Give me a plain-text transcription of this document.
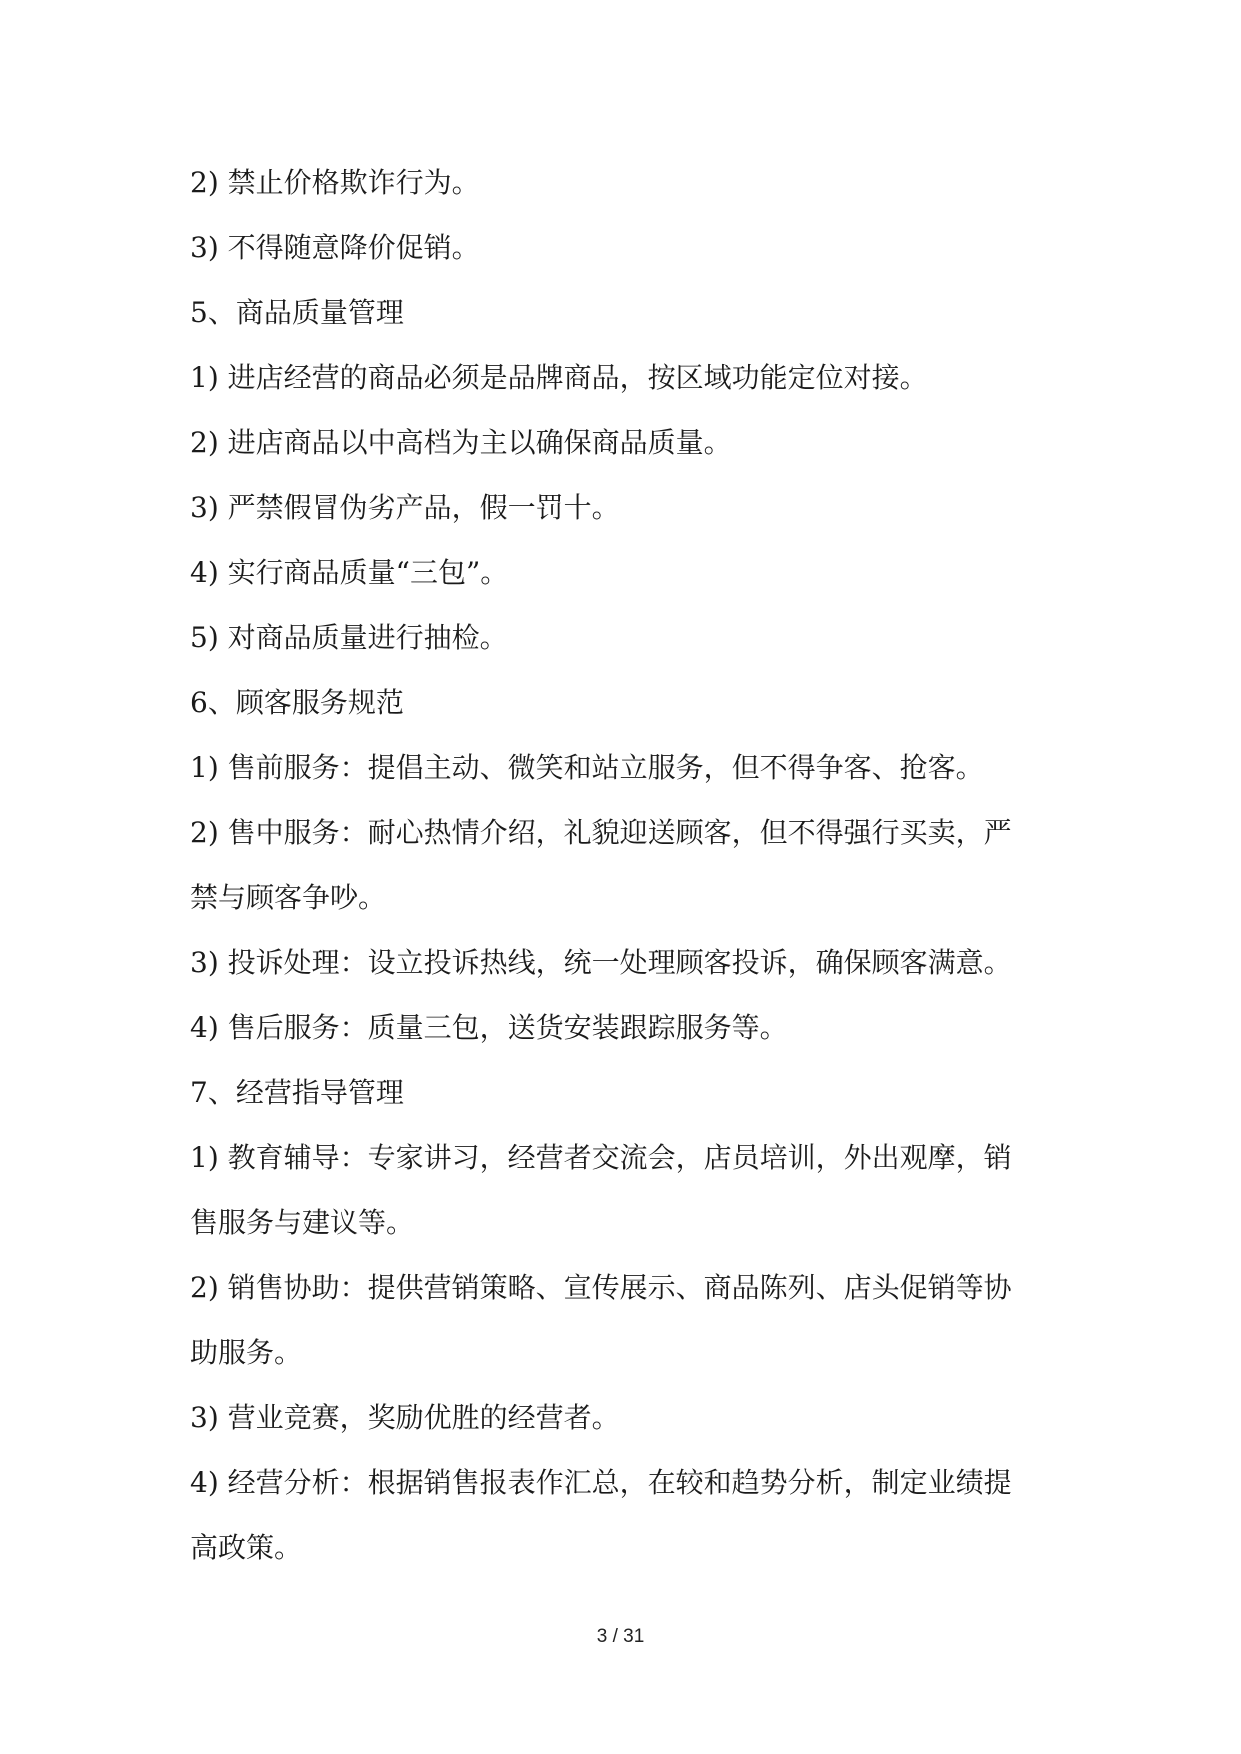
2) 禁止价格欺诈行为。

3) 不得随意降价促销。

5、商品质量管理

1) 进店经营的商品必须是品牌商品，按区域功能定位对接。

2) 进店商品以中高档为主以确保商品质量。

3) 严禁假冒伪劣产品，假一罚十。

4) 实行商品质量“三包”。

5) 对商品质量进行抽检。

6、顾客服务规范

1) 售前服务：提倡主动、微笑和站立服务，但不得争客、抢客。

2) 售中服务：耐心热情介绍，礼貌迎送顾客，但不得强行买卖，严

禁与顾客争吵。

3) 投诉处理：设立投诉热线，统一处理顾客投诉，确保顾客满意。

4) 售后服务：质量三包，送货安装跟踪服务等。

7、经营指导管理

1) 教育辅导：专家讲习，经营者交流会，店员培训，外出观摩，销

售服务与建议等。

2) 销售协助：提供营销策略、宣传展示、商品陈列、店头促销等协

助服务。

3) 营业竞赛，奖励优胜的经营者。

4) 经营分析：根据销售报表作汇总，在较和趋势分析，制定业绩提

高政策。

3 / 31
